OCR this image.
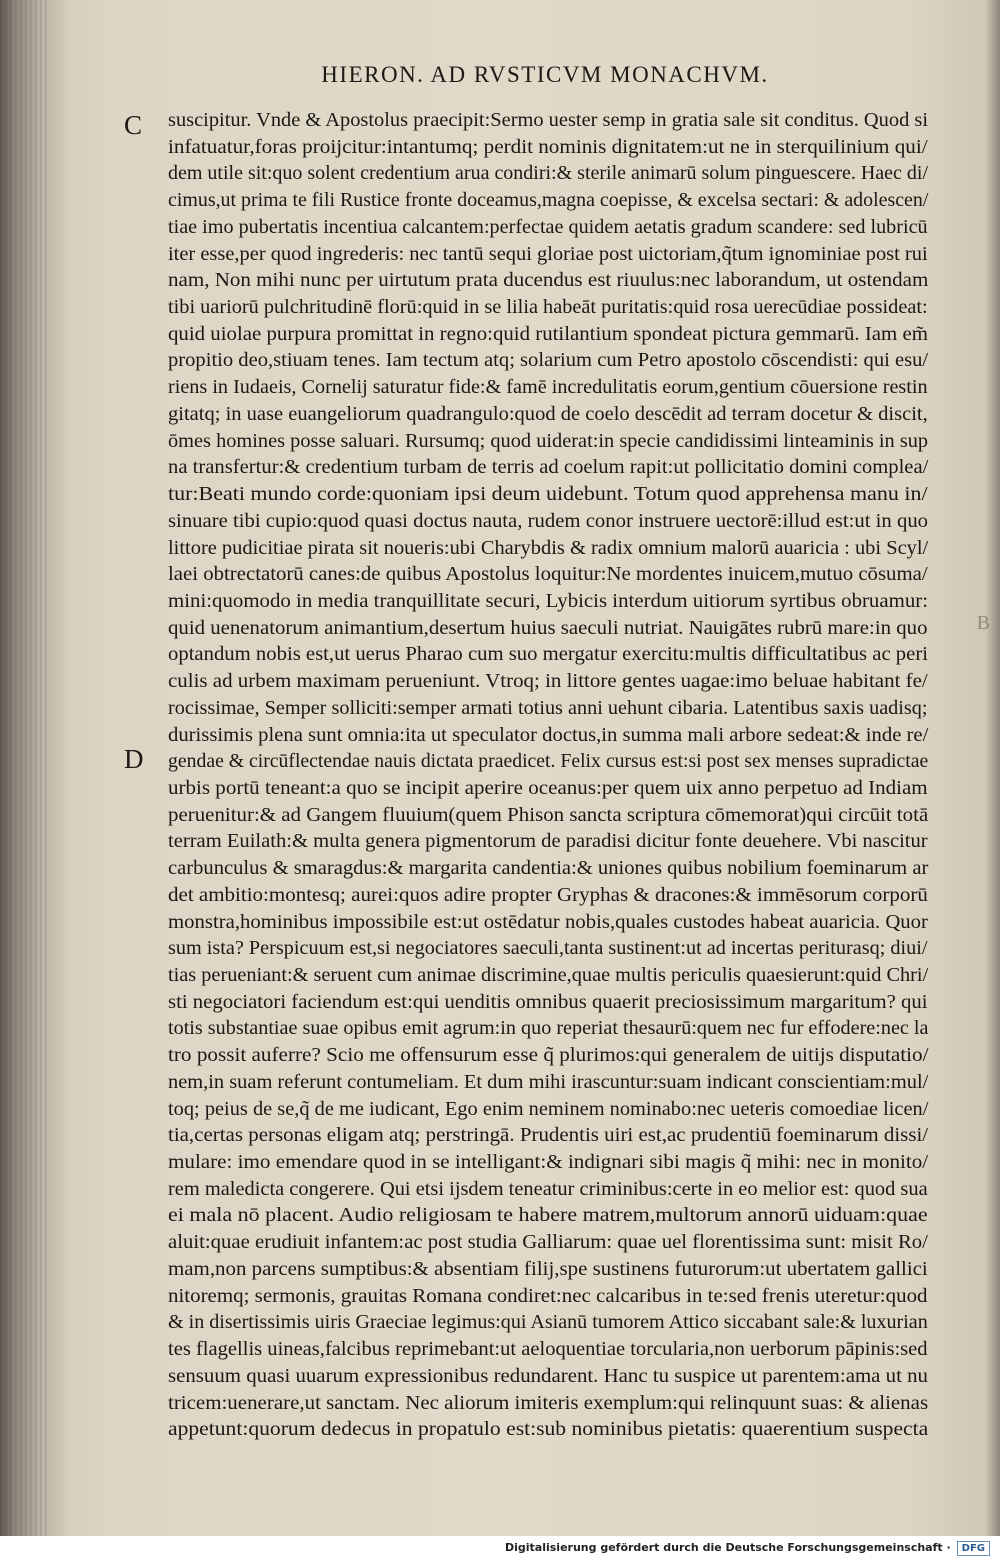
HIERON. AD RVSTICVM MONACHVM.
C
D
B
suscipitur. Vnde & Apostolus praecipit:Sermo uester semp in gratia sale sit conditus. Quod si
infatuatur,foras proijcitur:intantumq; perdit nominis dignitatem:ut ne in sterquilinium qui/
dem utile sit:quo solent credentium arua condiri:& sterile animarū solum pinguescere. Haec di/
cimus,ut prima te fili Rustice fronte doceamus,magna coepisse, & excelsa sectari: & adolescen/
tiae imo pubertatis incentiua calcantem:perfectae quidem aetatis gradum scandere: sed lubricū
iter esse,per quod ingrederis: nec tantū sequi gloriae post uictoriam,q̃tum ignominiae post rui
nam, Non mihi nunc per uirtutum prata ducendus est riuulus:nec laborandum, ut ostendam
tibi uariorū pulchritudinē florū:quid in se lilia habeāt puritatis:quid rosa uerecūdiae possideat:
quid uiolae purpura promittat in regno:quid rutilantium spondeat pictura gemmarū. Iam em̃
propitio deo,stiuam tenes. Iam tectum atq; solarium cum Petro apostolo cōscendisti: qui esu/
riens in Iudaeis, Cornelij saturatur fide:& famē incredulitatis eorum,gentium cōuersione restin
gitatq; in uase euangeliorum quadrangulo:quod de coelo descēdit ad terram docetur & discit,
ōmes homines posse saluari. Rursumq; quod uiderat:in specie candidissimi linteaminis in sup
na transfertur:& credentium turbam de terris ad coelum rapit:ut pollicitatio domini complea/
tur:Beati mundo corde:quoniam ipsi deum uidebunt. Totum quod apprehensa manu in/
sinuare tibi cupio:quod quasi doctus nauta, rudem conor instruere uectorē:illud est:ut in quo
littore pudicitiae pirata sit noueris:ubi Charybdis & radix omnium malorū auaricia : ubi Scyl/
laei obtrectatorū canes:de quibus Apostolus loquitur:Ne mordentes inuicem,mutuo cōsuma/
mini:quomodo in media tranquillitate securi, Lybicis interdum uitiorum syrtibus obruamur:
quid uenenatorum animantium,desertum huius saeculi nutriat. Nauigātes rubrū mare:in quo
optandum nobis est,ut uerus Pharao cum suo mergatur exercitu:multis difficultatibus ac peri
culis ad urbem maximam perueniunt. Vtroq; in littore gentes uagae:imo beluae habitant fe/
rocissimae, Semper solliciti:semper armati totius anni uehunt cibaria. Latentibus saxis uadisq;
durissimis plena sunt omnia:ita ut speculator doctus,in summa mali arbore sedeat:& inde re/
gendae & circūflectendae nauis dictata praedicet. Felix cursus est:si post sex menses supradictae
urbis portū teneant:a quo se incipit aperire oceanus:per quem uix anno perpetuo ad Indiam
peruenitur:& ad Gangem fluuium(quem Phison sancta scriptura cōmemorat)qui circūit totā
terram Euilath:& multa genera pigmentorum de paradisi dicitur fonte deuehere. Vbi nascitur
carbunculus & smaragdus:& margarita candentia:& uniones quibus nobilium foeminarum ar
det ambitio:montesq; aurei:quos adire propter Gryphas & dracones:& immēsorum corporū
monstra,hominibus impossibile est:ut ostēdatur nobis,quales custodes habeat auaricia. Quor
sum ista? Perspicuum est,si negociatores saeculi,tanta sustinent:ut ad incertas periturasq; diui/
tias perueniant:& seruent cum animae discrimine,quae multis periculis quaesierunt:quid Chri/
sti negociatori faciendum est:qui uenditis omnibus quaerit preciosissimum margaritum? qui
totis substantiae suae opibus emit agrum:in quo reperiat thesaurū:quem nec fur effodere:nec la
tro possit auferre? Scio me offensurum esse q̃ plurimos:qui generalem de uitijs disputatio/
nem,in suam referunt contumeliam. Et dum mihi irascuntur:suam indicant conscientiam:mul/
toq; peius de se,q̃ de me iudicant, Ego enim neminem nominabo:nec ueteris comoediae licen/
tia,certas personas eligam atq; perstringā. Prudentis uiri est,ac prudentiū foeminarum dissi/
mulare: imo emendare quod in se intelligant:& indignari sibi magis q̃ mihi: nec in monito/
rem maledicta congerere. Qui etsi ijsdem teneatur criminibus:certe in eo melior est: quod sua
ei mala nō placent. Audio religiosam te habere matrem,multorum annorū uiduam:quae
aluit:quae erudiuit infantem:ac post studia Galliarum: quae uel florentissima sunt: misit Ro/
mam,non parcens sumptibus:& absentiam filij,spe sustinens futurorum:ut ubertatem gallici
nitoremq; sermonis, grauitas Romana condiret:nec calcaribus in te:sed frenis uteretur:quod
& in disertissimis uiris Graeciae legimus:qui Asianū tumorem Attico siccabant sale:& luxurian
tes flagellis uineas,falcibus reprimebant:ut aeloquentiae torcularia,non uerborum pāpinis:sed
sensuum quasi uuarum expressionibus redundarent. Hanc tu suspice ut parentem:ama ut nu
tricem:uenerare,ut sanctam. Nec aliorum imiteris exemplum:qui relinquunt suas: & alienas
appetunt:quorum dedecus in propatulo est:sub nominibus pietatis: quaerentium suspecta
Digitalisierung gefördert durch die Deutsche Forschungsgemeinschaft · DFG
